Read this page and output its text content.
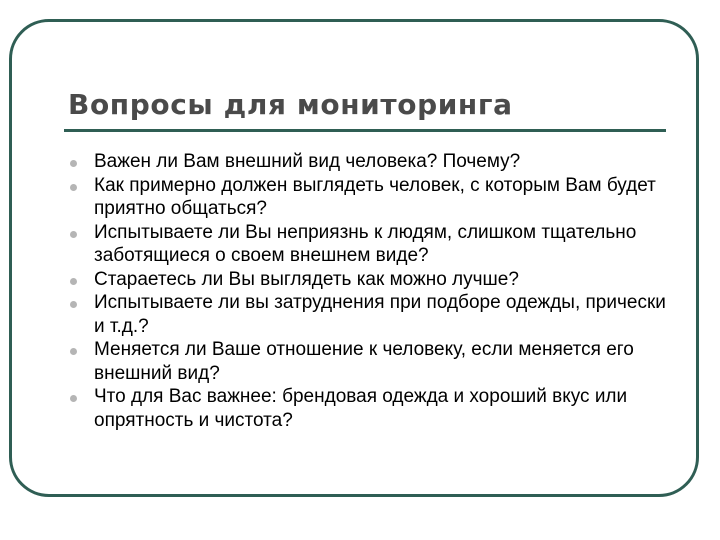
Вопросы для мониторинга
Важен ли Вам внешний вид человека? Почему?
Как примерно должен выглядеть человек, с которым Вам будет приятно общаться?
Испытываете ли Вы неприязнь к людям, слишком тщательно заботящиеся о своем внешнем виде?
Стараетесь ли Вы выглядеть как можно лучше?
Испытываете ли вы затруднения при подборе одежды, прически и т.д.?
Меняется ли Ваше отношение к человеку, если меняется его внешний вид?
Что для Вас важнее: брендовая одежда и хороший вкус или опрятность и чистота?
